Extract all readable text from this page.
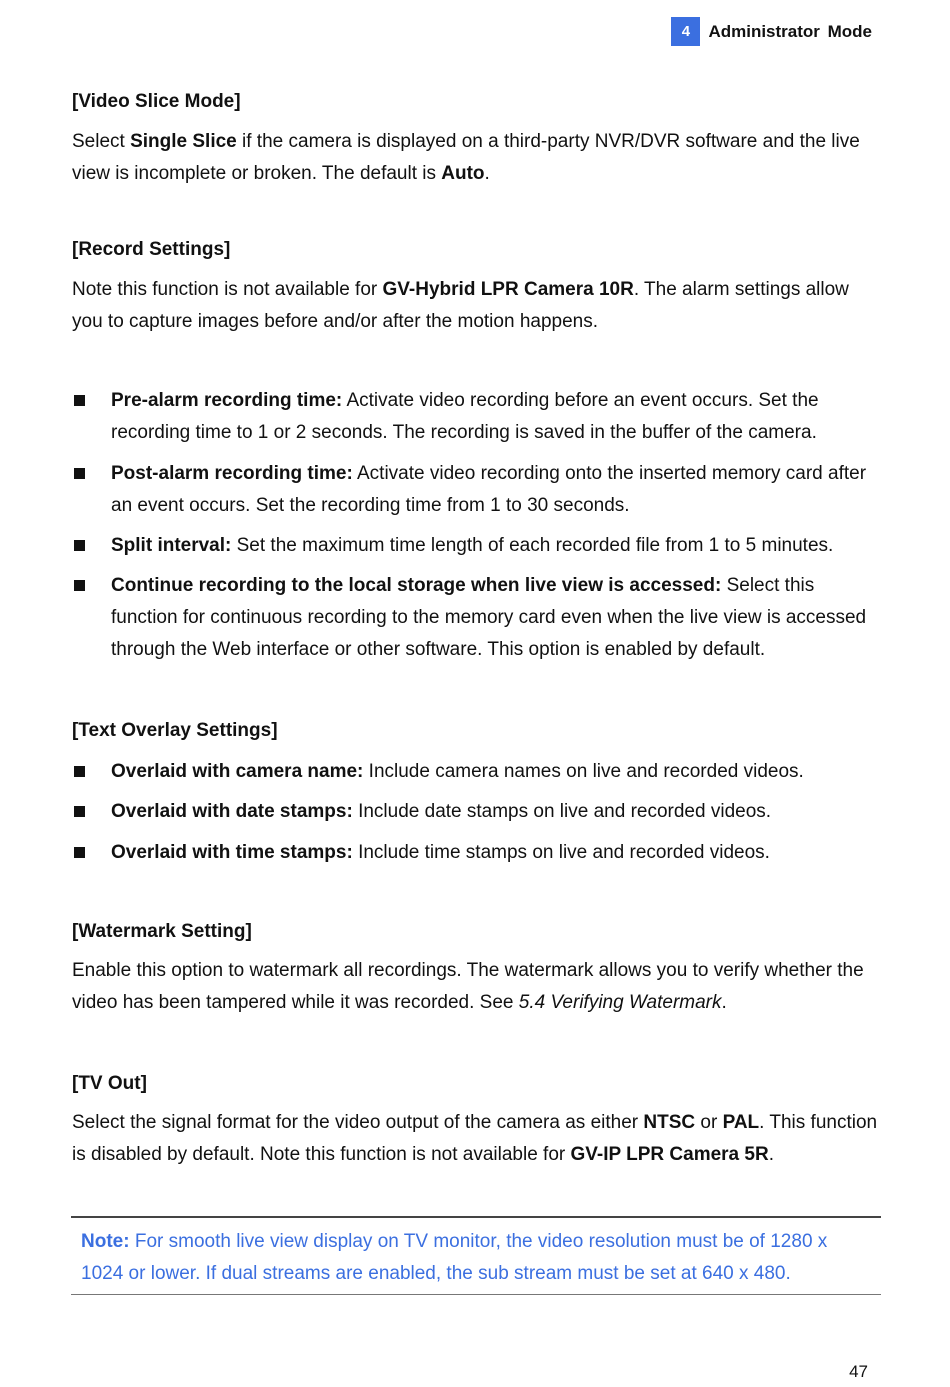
4	Administrator Mode
[Video Slice Mode]

Select Single Slice if the camera is displayed on a third-party NVR/DVR software and the live view is incomplete or broken. The default is Auto.

[Record Settings]

Note this function is not available for GV-Hybrid LPR Camera 10R. The alarm settings allow you to capture images before and/or after the motion happens.

Pre-alarm recording time: Activate video recording before an event occurs. Set the recording time to 1 or 2 seconds. The recording is saved in the buffer of the camera.
Post-alarm recording time: Activate video recording onto the inserted memory card after an event occurs. Set the recording time from 1 to 30 seconds.
Split interval: Set the maximum time length of each recorded file from 1 to 5 minutes.
Continue recording to the local storage when live view is accessed: Select this function for continuous recording to the memory card even when the live view is accessed through the Web interface or other software. This option is enabled by default.
[Text Overlay Settings]
Overlaid with camera name: Include camera names on live and recorded videos.
Overlaid with date stamps: Include date stamps on live and recorded videos.
Overlaid with time stamps: Include time stamps on live and recorded videos.
[Watermark Setting]

Enable this option to watermark all recordings. The watermark allows you to verify whether the video has been tampered while it was recorded. See 5.4 Verifying Watermark.

[TV Out]

Select the signal format for the video output of the camera as either NTSC or PAL. This function is disabled by default. Note this function is not available for GV-IP LPR Camera 5R.

Note: For smooth live view display on TV monitor, the video resolution must be of 1280 x 1024 or lower. If dual streams are enabled, the sub stream must be set at 640 x 480.
47
